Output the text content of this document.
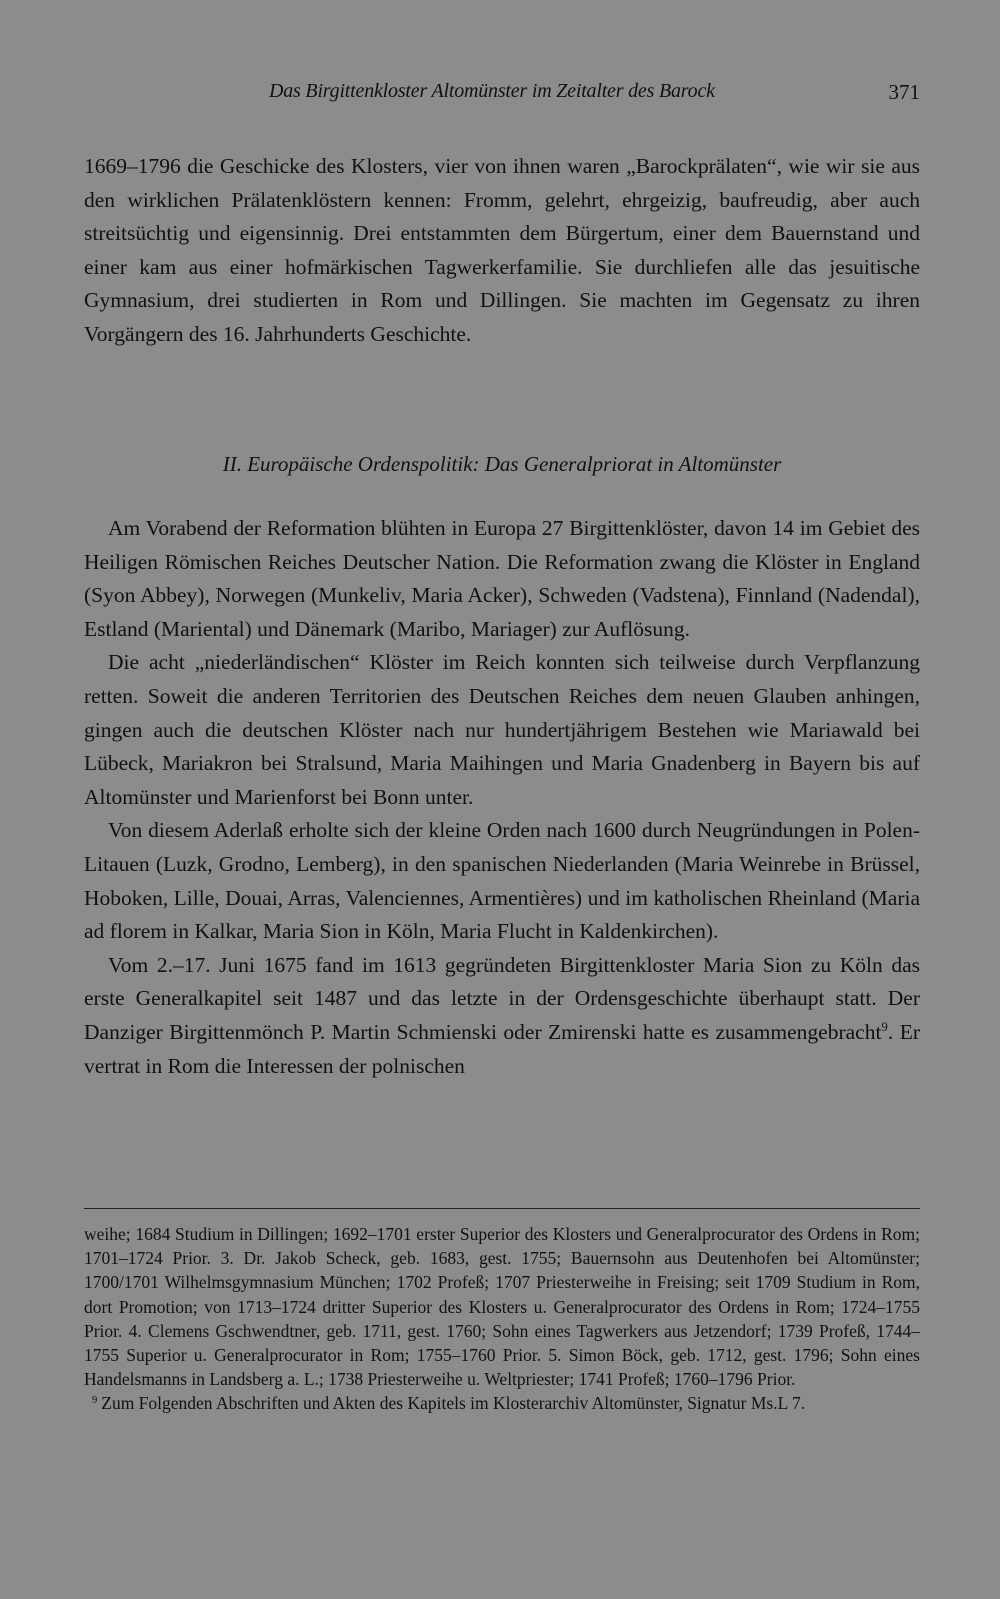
Das Birgittenkloster Altomünster im Zeitalter des Barock	371

1669–1796 die Geschicke des Klosters, vier von ihnen waren „Barockprälaten“, wie wir sie aus den wirklichen Prälatenklöstern kennen: Fromm, gelehrt, ehrgeizig, baufreudig, aber auch streitsüchtig und eigensinnig. Drei entstammten dem Bürgertum, einer dem Bauernstand und einer kam aus einer hofmärkischen Tagwerkerfamilie. Sie durchliefen alle das jesuitische Gymnasium, drei studierten in Rom und Dillingen. Sie machten im Gegensatz zu ihren Vorgängern des 16. Jahrhunderts Geschichte.

II. Europäische Ordenspolitik: Das Generalpriorat in Altomünster

Am Vorabend der Reformation blühten in Europa 27 Birgittenklöster, davon 14 im Gebiet des Heiligen Römischen Reiches Deutscher Nation. Die Reformation zwang die Klöster in England (Syon Abbey), Norwegen (Munkeliv, Maria Acker), Schweden (Vadstena), Finnland (Nadendal), Estland (Mariental) und Dänemark (Maribo, Mariager) zur Auflösung.

Die acht „niederländischen“ Klöster im Reich konnten sich teilweise durch Verpflanzung retten. Soweit die anderen Territorien des Deutschen Reiches dem neuen Glauben anhingen, gingen auch die deutschen Klöster nach nur hundertjährigem Bestehen wie Mariawald bei Lübeck, Mariakron bei Stralsund, Maria Maihingen und Maria Gnadenberg in Bayern bis auf Altomünster und Marienforst bei Bonn unter.

Von diesem Aderlaß erholte sich der kleine Orden nach 1600 durch Neugründungen in Polen-Litauen (Luzk, Grodno, Lemberg), in den spanischen Niederlanden (Maria Weinrebe in Brüssel, Hoboken, Lille, Douai, Arras, Valenciennes, Armentières) und im katholischen Rheinland (Maria ad florem in Kalkar, Maria Sion in Köln, Maria Flucht in Kaldenkirchen).

Vom 2.–17. Juni 1675 fand im 1613 gegründeten Birgittenkloster Maria Sion zu Köln das erste Generalkapitel seit 1487 und das letzte in der Ordensgeschichte überhaupt statt. Der Danziger Birgittenmönch P. Martin Schmienski oder Zmirenski hatte es zusammengebracht$^9$. Er vertrat in Rom die Interessen der polnischen

weihe; 1684 Studium in Dillingen; 1692–1701 erster Superior des Klosters und Generalprocurator des Ordens in Rom; 1701–1724 Prior. 3. Dr. Jakob Scheck, geb. 1683, gest. 1755; Bauernsohn aus Deutenhofen bei Altomünster; 1700/1701 Wilhelmsgymnasium München; 1702 Profeß; 1707 Priesterweihe in Freising; seit 1709 Studium in Rom, dort Promotion; von 1713–1724 dritter Superior des Klosters u. Generalprocurator des Ordens in Rom; 1724–1755 Prior. 4. Clemens Gschwendtner, geb. 1711, gest. 1760; Sohn eines Tagwerkers aus Jetzendorf; 1739 Profeß, 1744–1755 Superior u. Generalprocurator in Rom; 1755–1760 Prior. 5. Simon Böck, geb. 1712, gest. 1796; Sohn eines Handelsmanns in Landsberg a. L.; 1738 Priesterweihe u. Weltpriester; 1741 Profeß; 1760–1796 Prior.

$^9$ Zum Folgenden Abschriften und Akten des Kapitels im Klosterarchiv Altomünster, Signatur Ms.L 7.
